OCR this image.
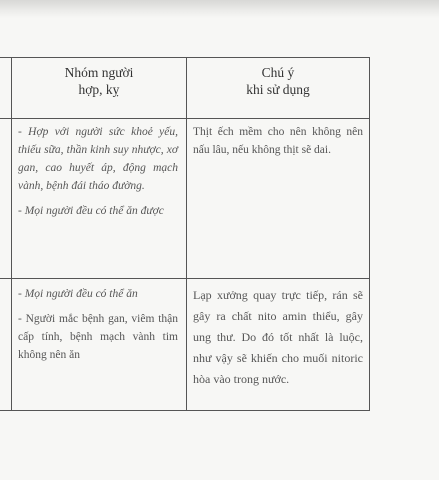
Nhóm người
hợp, kỵ
Chú ý
khi sử dụng

- Hợp với người sức khoẻ yếu, thiếu sữa, thần kinh suy nhược, xơ gan, cao huyết áp, động mạch vành, bệnh đái tháo đường.

- Mọi người đều có thể ăn được

Thịt ếch mềm cho nên không nên nấu lâu, nếu không thịt sẽ dai.

- Mọi người đều có thể ăn

- Người mắc bệnh gan, viêm thận cấp tính, bệnh mạch vành tim không nên ăn

Lạp xưởng quay trực tiếp, rán sẽ gây ra chất nito amin thiểu, gây ung thư. Do đó tốt nhất là luộc, như vậy sẽ khiến cho muối nitoric hòa vào trong nước.
